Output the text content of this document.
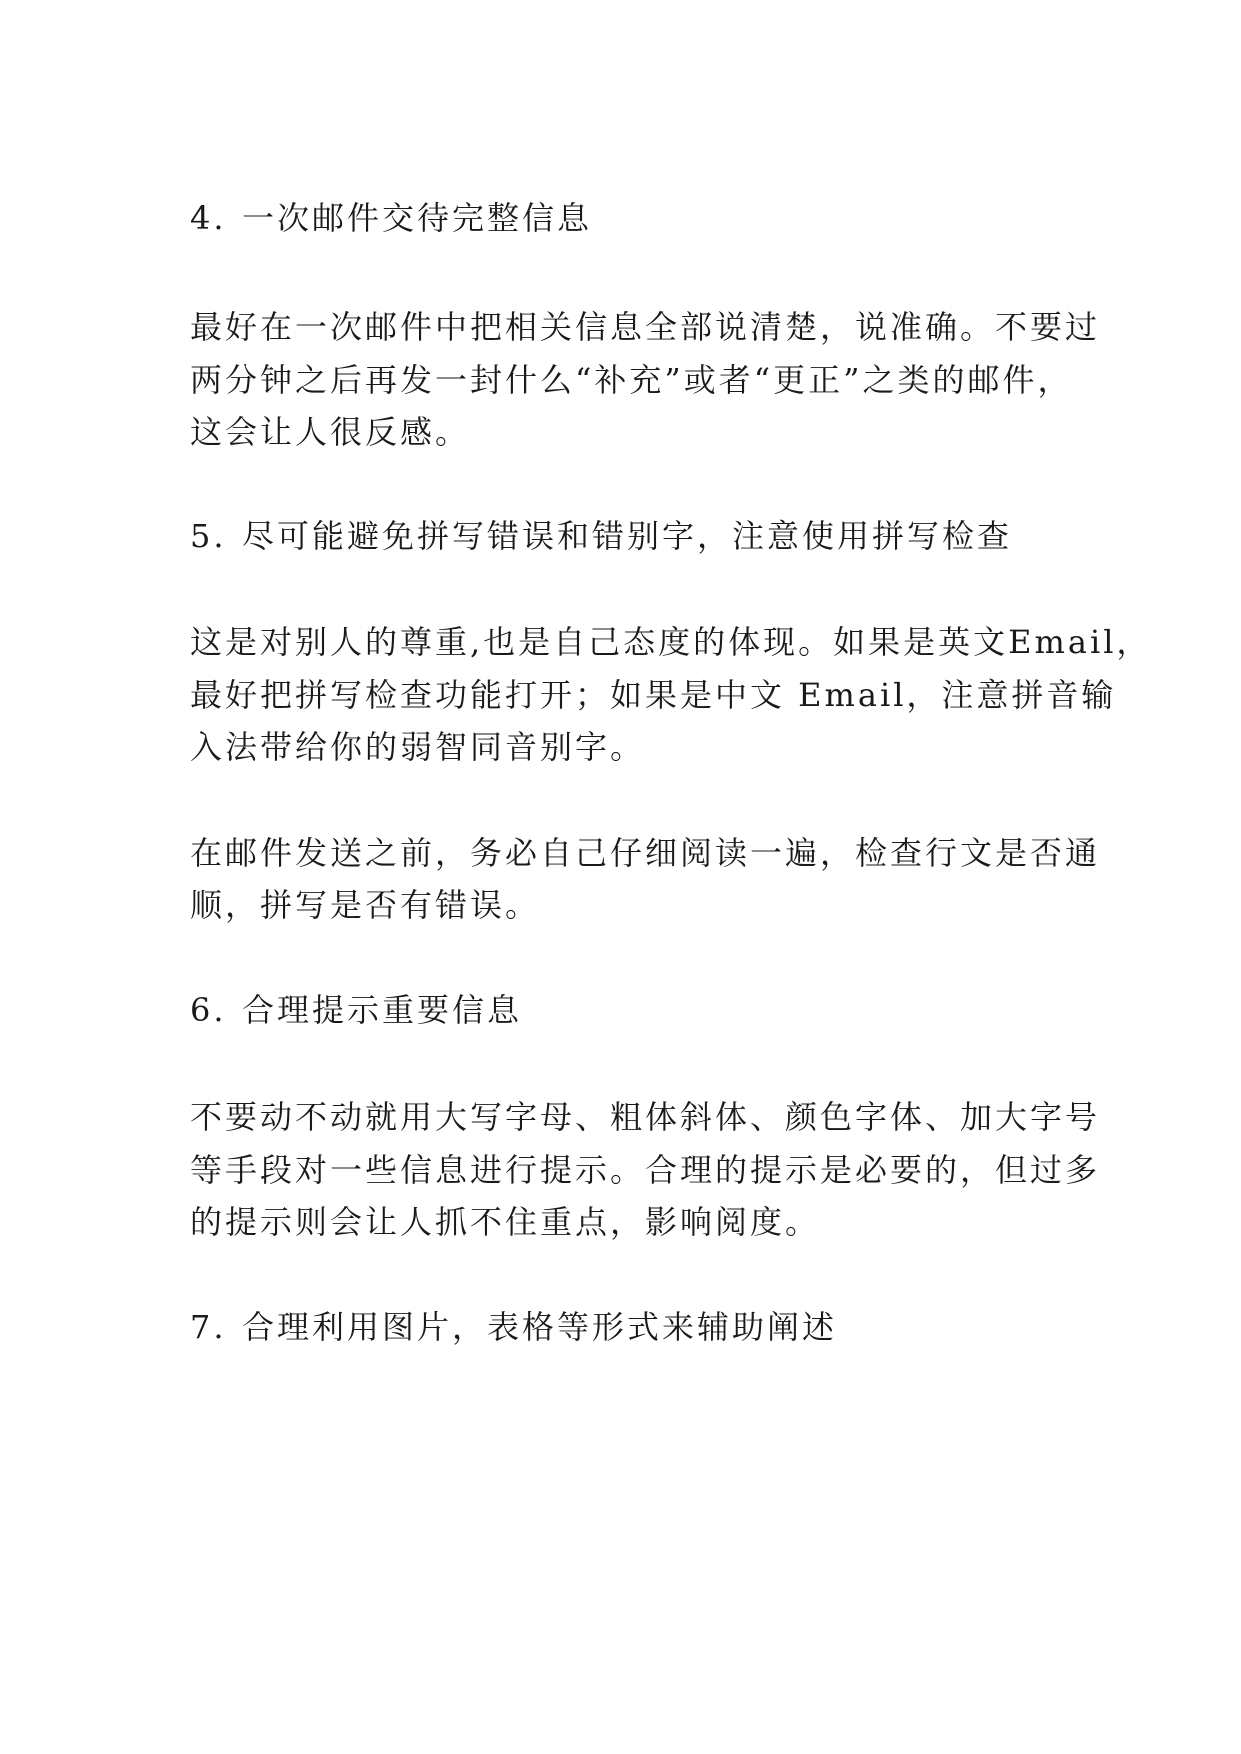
4. 一次邮件交待完整信息
最好在一次邮件中把相关信息全部说清楚，说准确。不要过
两分钟之后再发一封什么“补充”或者“更正”之类的邮件，
这会让人很反感。
5. 尽可能避免拼写错误和错别字，注意使用拼写检查
这是对别人的尊重,也是自己态度的体现。如果是英文Email，
最好把拼写检查功能打开；如果是中文 Email，注意拼音输
入法带给你的弱智同音别字。
在邮件发送之前，务必自己仔细阅读一遍，检查行文是否通
顺，拼写是否有错误。
6. 合理提示重要信息
不要动不动就用大写字母、粗体斜体、颜色字体、加大字号
等手段对一些信息进行提示。合理的提示是必要的，但过多
的提示则会让人抓不住重点，影响阅度。
7. 合理利用图片，表格等形式来辅助阐述
